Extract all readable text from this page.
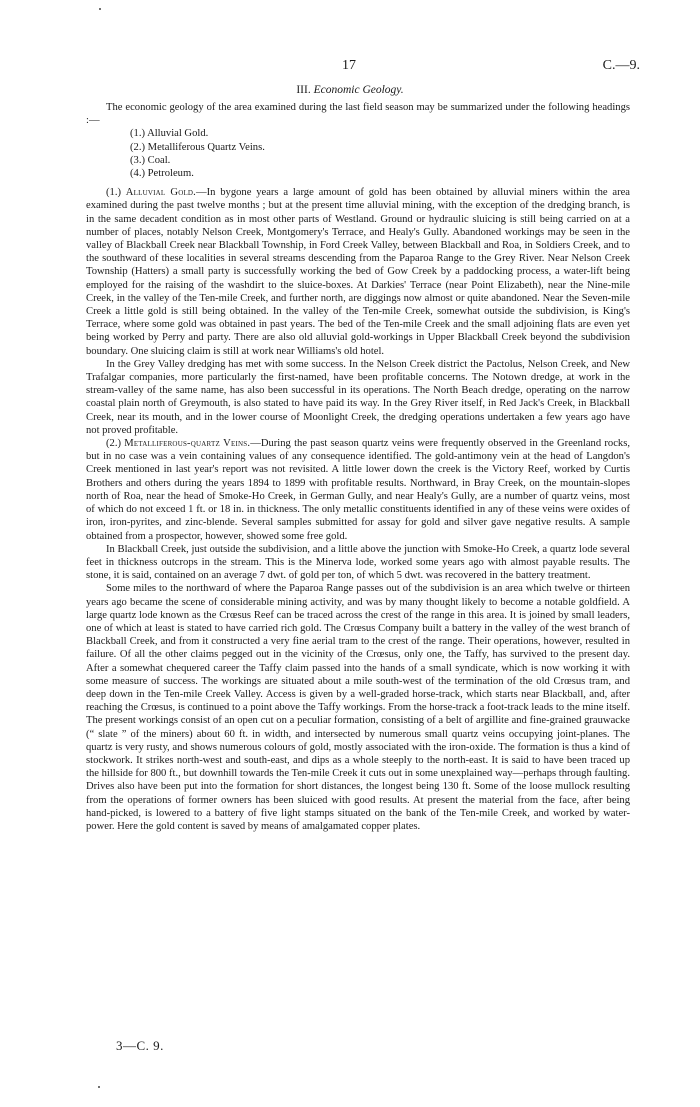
17	C.—9.
III. Economic Geology.

The economic geology of the area examined during the last field season may be summarized under the following headings :—

(1.) Alluvial Gold.
(2.) Metalliferous Quartz Veins.
(3.) Coal.
(4.) Petroleum.

(1.) Alluvial Gold.—In bygone years a large amount of gold has been obtained by alluvial miners within the area examined during the past twelve months ; but at the present time alluvial mining, with the exception of the dredging branch, is in the same decadent condition as in most other parts of Westland. Ground or hydraulic sluicing is still being carried on at a number of places, notably Nelson Creek, Montgomery's Terrace, and Healy's Gully. Abandoned workings may be seen in the valley of Blackball Creek near Blackball Township, in Ford Creek Valley, between Blackball and Roa, in Soldiers Creek, and to the southward of these localities in several streams descending from the Paparoa Range to the Grey River. Near Nelson Creek Township (Hatters) a small party is successfully working the bed of Gow Creek by a paddocking process, a water-lift being employed for the raising of the washdirt to the sluice-boxes. At Darkies' Terrace (near Point Elizabeth), near the Nine-mile Creek, in the valley of the Ten-mile Creek, and further north, are diggings now almost or quite abandoned. Near the Seven-mile Creek a little gold is still being obtained. In the valley of the Ten-mile Creek, somewhat outside the subdivision, is King's Terrace, where some gold was obtained in past years. The bed of the Ten-mile Creek and the small adjoining flats are even yet being worked by Perry and party. There are also old alluvial gold-workings in Upper Blackball Creek beyond the subdivision boundary. One sluicing claim is still at work near Williams's old hotel.

In the Grey Valley dredging has met with some success. In the Nelson Creek district the Pactolus, Nelson Creek, and New Trafalgar companies, more particularly the first-named, have been profitable concerns. The Notown dredge, at work in the stream-valley of the same name, has also been successful in its operations. The North Beach dredge, operating on the narrow coastal plain north of Greymouth, is also stated to have paid its way. In the Grey River itself, in Red Jack's Creek, in Blackball Creek, near its mouth, and in the lower course of Moonlight Creek, the dredging operations undertaken a few years ago have not proved profitable.

(2.) Metalliferous-quartz Veins.—During the past season quartz veins were frequently observed in the Greenland rocks, but in no case was a vein containing values of any consequence identified. The gold-antimony vein at the head of Langdon's Creek mentioned in last year's report was not revisited. A little lower down the creek is the Victory Reef, worked by Curtis Brothers and others during the years 1894 to 1899 with profitable results. Northward, in Bray Creek, on the mountain-slopes north of Roa, near the head of Smoke-Ho Creek, in German Gully, and near Healy's Gully, are a number of quartz veins, most of which do not exceed 1 ft. or 18 in. in thickness. The only metallic constituents identified in any of these veins were oxides of iron, iron-pyrites, and zinc-blende. Several samples submitted for assay for gold and silver gave negative results. A sample obtained from a prospector, however, showed some free gold.

In Blackball Creek, just outside the subdivision, and a little above the junction with Smoke-Ho Creek, a quartz lode several feet in thickness outcrops in the stream. This is the Minerva lode, worked some years ago with almost payable results. The stone, it is said, contained on an average 7 dwt. of gold per ton, of which 5 dwt. was recovered in the battery treatment.

Some miles to the northward of where the Paparoa Range passes out of the subdivision is an area which twelve or thirteen years ago became the scene of considerable mining activity, and was by many thought likely to become a notable goldfield. A large quartz lode known as the Crœsus Reef can be traced across the crest of the range in this area. It is joined by small leaders, one of which at least is stated to have carried rich gold. The Crœsus Company built a battery in the valley of the west branch of Blackball Creek, and from it constructed a very fine aerial tram to the crest of the range. Their operations, however, resulted in failure. Of all the other claims pegged out in the vicinity of the Crœsus, only one, the Taffy, has survived to the present day. After a somewhat chequered career the Taffy claim passed into the hands of a small syndicate, which is now working it with some measure of success. The workings are situated about a mile south-west of the termination of the old Crœsus tram, and deep down in the Ten-mile Creek Valley. Access is given by a well-graded horse-track, which starts near Blackball, and, after reaching the Crœsus, is continued to a point above the Taffy workings. From the horse-track a foot-track leads to the mine itself. The present workings consist of an open cut on a peculiar formation, consisting of a belt of argillite and fine-grained grauwacke (“ slate ” of the miners) about 60 ft. in width, and intersected by numerous small quartz veins occupying joint-planes. The quartz is very rusty, and shows numerous colours of gold, mostly associated with the iron-oxide. The formation is thus a kind of stockwork. It strikes north-west and south-east, and dips as a whole steeply to the north-east. It is said to have been traced up the hillside for 800 ft., but downhill towards the Ten-mile Creek it cuts out in some unexplained way—perhaps through faulting. Drives also have been put into the formation for short distances, the longest being 130 ft. Some of the loose mullock resulting from the operations of former owners has been sluiced with good results. At present the material from the face, after being hand-picked, is lowered to a battery of five light stamps situated on the bank of the Ten-mile Creek, and worked by water-power. Here the gold content is saved by means of amalgamated copper plates.

3—C. 9.
